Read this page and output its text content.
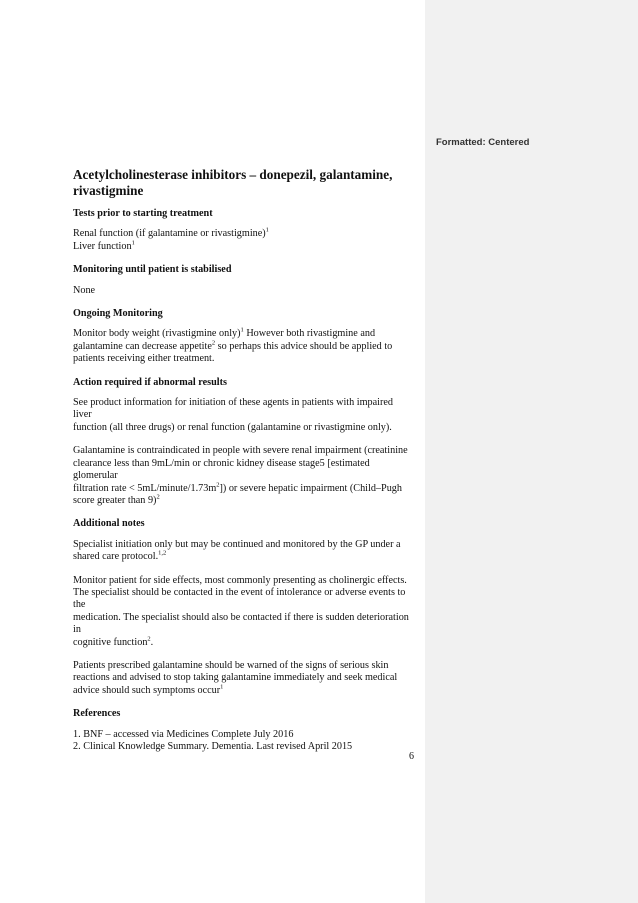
Formatted: Centered
Acetylcholinesterase inhibitors – donepezil, galantamine,
rivastigmine
Tests prior to starting treatment

Renal function (if galantamine or rivastigmine)$^1$
Liver function$^1$

Monitoring until patient is stabilised

None

Ongoing Monitoring

Monitor body weight (rivastigmine only)$^1$ However both rivastigmine and
galantamine can decrease appetite$^2$ so perhaps this advice should be applied to
patients receiving either treatment.

Action required if abnormal results

See product information for initiation of these agents in patients with impaired liver
function (all three drugs) or renal function (galantamine or rivastigmine only).

Galantamine is contraindicated in people with severe renal impairment (creatinine
clearance less than 9mL/min or chronic kidney disease stage5 [estimated glomerular
filtration rate < $5mL/minute/1.73m^2$]) or severe hepatic impairment (Child–Pugh
score greater than 9)$^2$

Additional notes

Specialist initiation only but may be continued and monitored by the GP under a
shared care protocol.$^{1,2}$

Monitor patient for side effects, most commonly presenting as cholinergic effects.
The specialist should be contacted in the event of intolerance or adverse events to the
medication. The specialist should also be contacted if there is sudden deterioration in
cognitive function$^2$.

Patients prescribed galantamine should be warned of the signs of serious skin
reactions and advised to stop taking galantamine immediately and seek medical
advice should such symptoms occur$^1$

References

1. BNF – accessed via Medicines Complete July 2016
2. Clinical Knowledge Summary. Dementia. Last revised April 2015

6
